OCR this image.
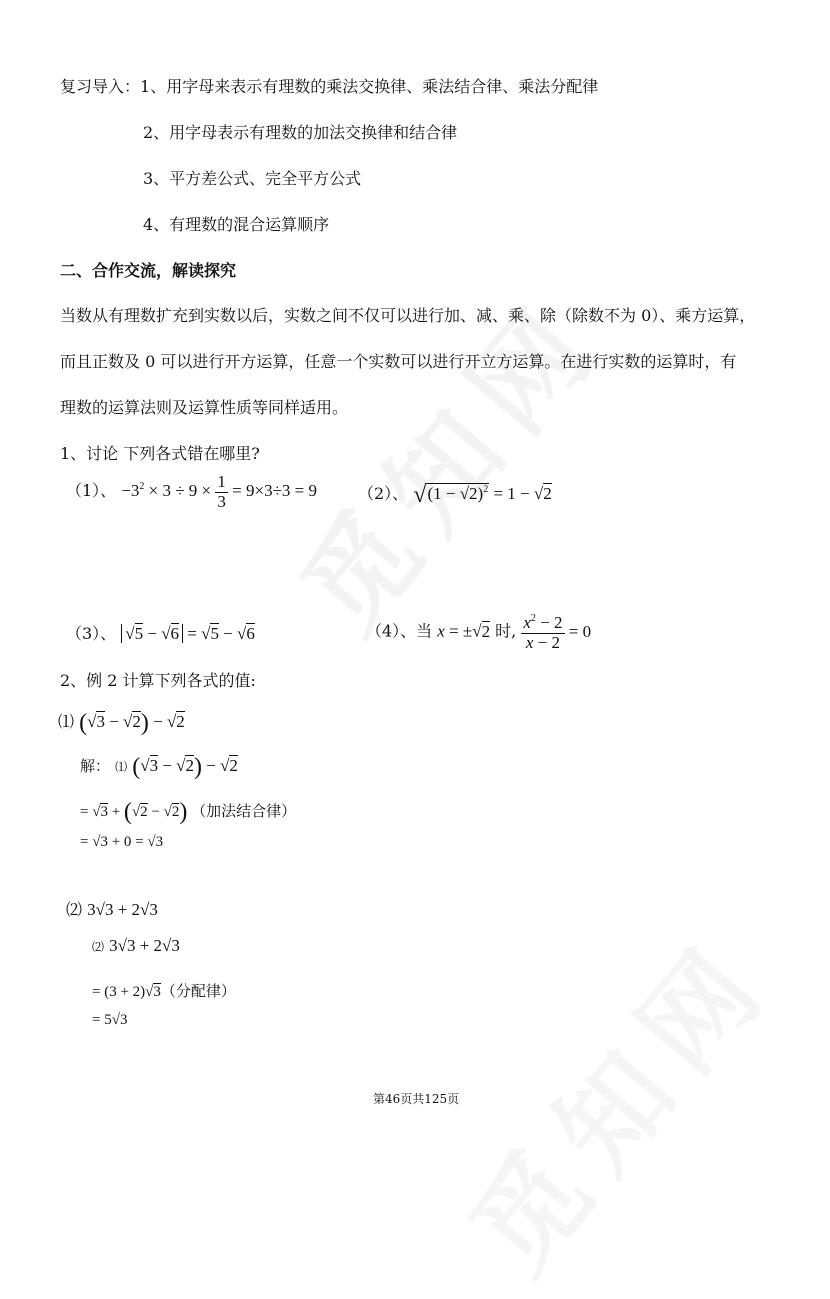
复习导入：1、用字母来表示有理数的乘法交换律、乘法结合律、乘法分配律
2、用字母表示有理数的加法交换律和结合律
3、平方差公式、完全平方公式
4、有理数的混合运算顺序
二、合作交流，解读探究
当数从有理数扩充到实数以后，实数之间不仅可以进行加、减、乘、除（除数不为 0）、乘方运算，
而且正数及 0 可以进行开方运算，任意一个实数可以进行开立方运算。在进行实数的运算时，有
理数的运算法则及运算性质等同样适用。
1、讨论 下列各式错在哪里?
（1）、 $-3^2 \times 3 \div 9 \times \frac{1}{3} = 9\times 3\div 3 = 9$	（2）、 $√(1 - √2)^2 = 1 - √2$
（3）、 √5 − √6 = √5 − √6	（4）、当 x = ±√2 时, $\frac{x^2 - 2}{x - 2} = 0$
2、例 2 计算下列各式的值:
⑴ (√3 − √2) − √2
解： ⑴ (√3 − √2) − √2
= √3 + (√2 − √2) （加法结合律）
= √3 + 0 = √3
⑵ 3√3 + 2√3
⑵ 3√3 + 2√3
= (3 + 2)√3（分配律）
= 5√3
第46页共125页
